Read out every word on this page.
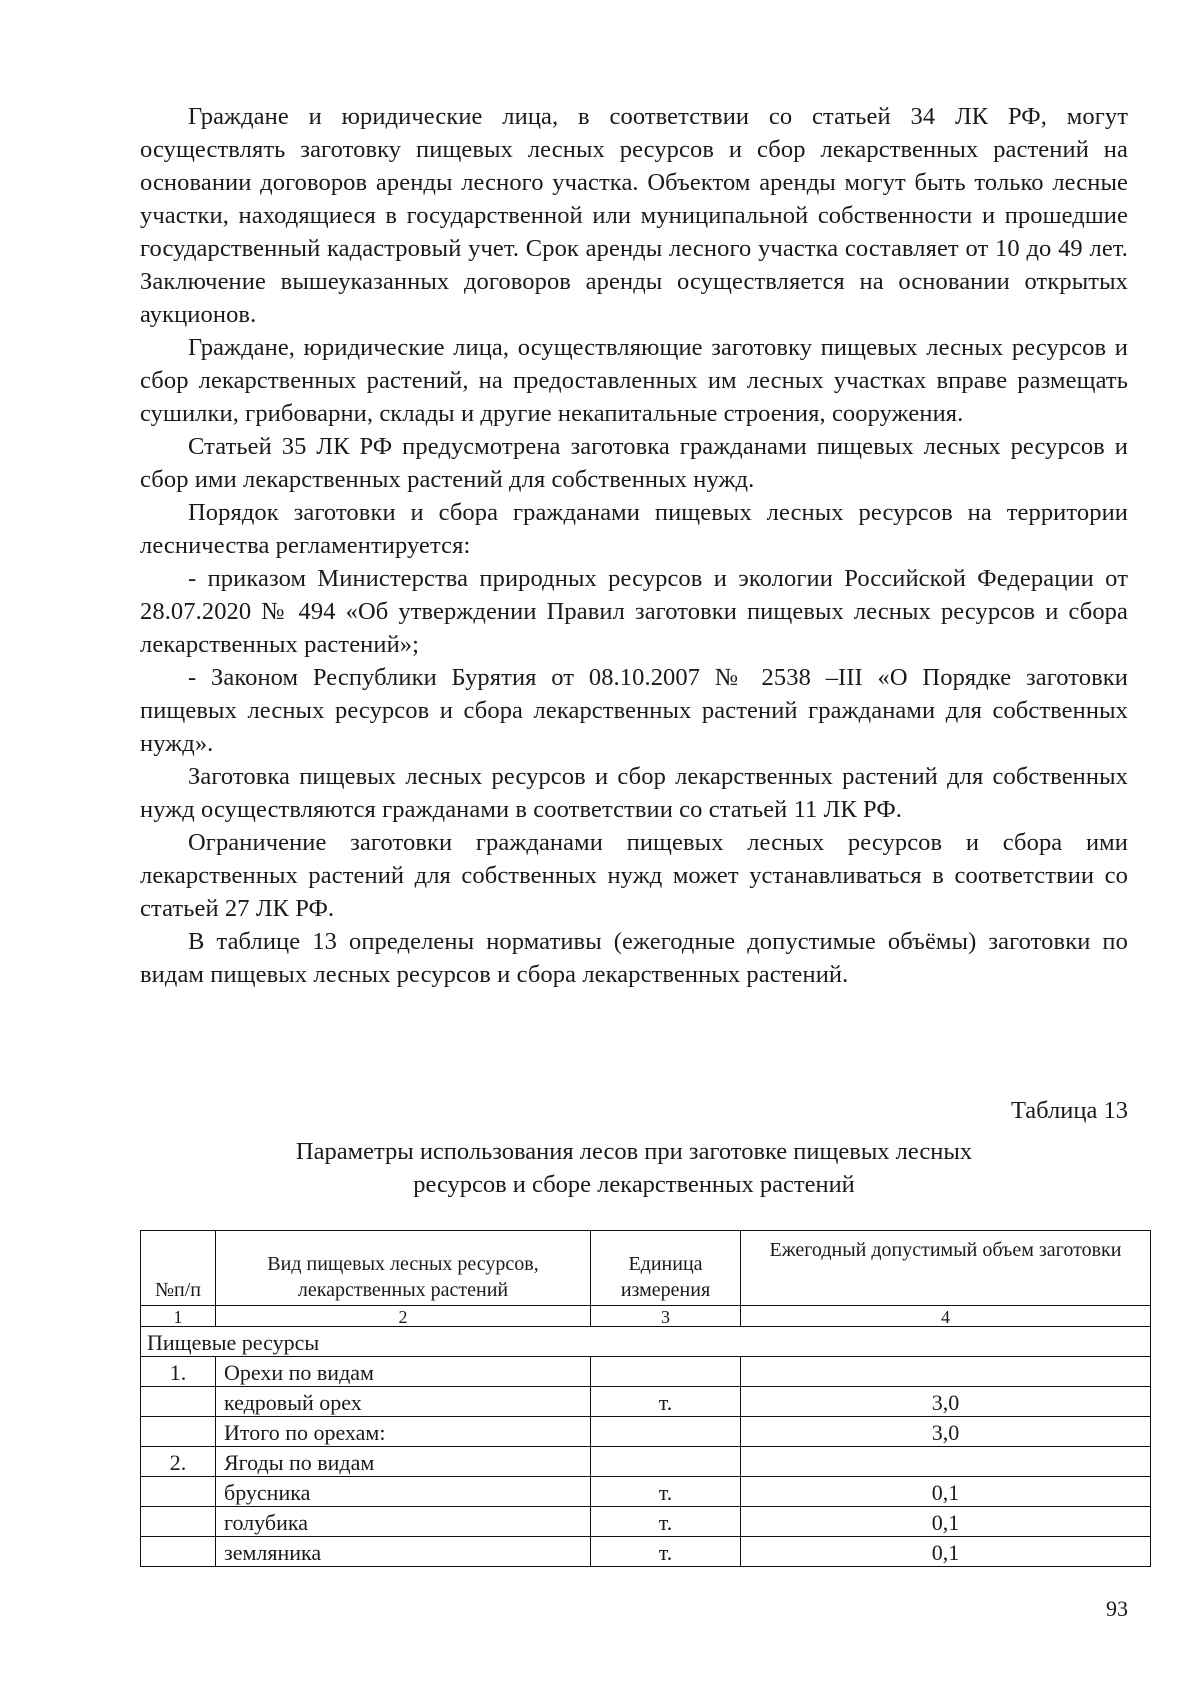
Граждане и юридические лица, в соответствии со статьей 34 ЛК РФ, могут осуществлять заготовку пищевых лесных ресурсов и сбор лекарственных растений на основании договоров аренды лесного участка. Объектом аренды могут быть только лесные участки, находящиеся в государственной или муниципальной собственности и прошедшие государственный кадастровый учет. Срок аренды лесного участка составляет от 10 до 49 лет. Заключение вышеуказанных договоров аренды осуществляется на основании открытых аукционов.

Граждане, юридические лица, осуществляющие заготовку пищевых лесных ресурсов и сбор лекарственных растений, на предоставленных им лесных участках вправе размещать сушилки, грибоварни, склады и другие некапитальные строения, сооружения.

Статьей 35 ЛК РФ предусмотрена заготовка гражданами пищевых лесных ресурсов и сбор ими лекарственных растений для собственных нужд.

Порядок заготовки и сбора гражданами пищевых лесных ресурсов на территории лесничества регламентируется:

- приказом Министерства природных ресурсов и экологии Российской Федерации от 28.07.2020 № 494 «Об утверждении Правил заготовки пищевых лесных ресурсов и сбора лекарственных растений»;

- Законом Республики Бурятия от 08.10.2007 № 2538 –III «О Порядке заготовки пищевых лесных ресурсов и сбора лекарственных растений гражданами для собственных нужд».

Заготовка пищевых лесных ресурсов и сбор лекарственных растений для собственных нужд осуществляются гражданами в соответствии со статьей 11 ЛК РФ.

Ограничение заготовки гражданами пищевых лесных ресурсов и сбора ими лекарственных растений для собственных нужд может устанавливаться в соответствии со статьей 27 ЛК РФ.

В таблице 13 определены нормативы (ежегодные допустимые объёмы) заготовки по видам пищевых лесных ресурсов и сбора лекарственных растений.

Таблица 13
Параметры использования лесов при заготовке пищевых лесных
ресурсов и сборе лекарственных растений
№п/п	Вид пищевых лесных ресурсов, лекарственных растений	Единица измерения	Ежегодный допустимый объем заготовки
1	2	3	4
Пищевые ресурсы			
1.	Орехи по видам		
	кедровый орех	т.	3,0
	Итого по орехам:		3,0
2.	Ягоды по видам		
	брусника	т.	0,1
	голубика	т.	0,1
	земляника	т.	0,1
93
